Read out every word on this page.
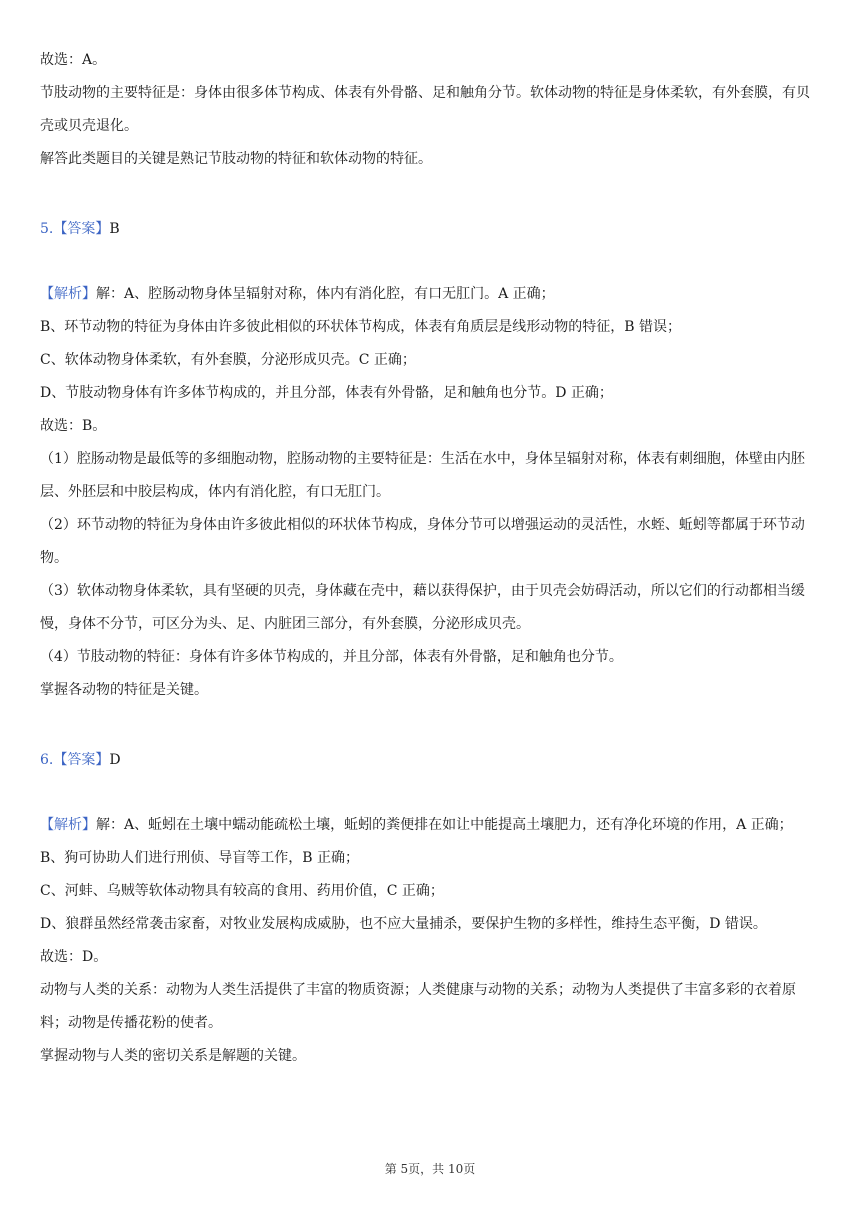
故选：A。

节肢动物的主要特征是：身体由很多体节构成、体表有外骨骼、足和触角分节。软体动物的特征是身体柔软，有外套膜，有贝壳或贝壳退化。

解答此类题目的关键是熟记节肢动物的特征和软体动物的特征。

5.【答案】B

【解析】解：A、腔肠动物身体呈辐射对称，体内有消化腔，有口无肛门。A 正确；

B、环节动物的特征为身体由许多彼此相似的环状体节构成，体表有角质层是线形动物的特征，B 错误；

C、软体动物身体柔软，有外套膜，分泌形成贝壳。C 正确；

D、节肢动物身体有许多体节构成的，并且分部，体表有外骨骼，足和触角也分节。D 正确；

故选：B。

（1）腔肠动物是最低等的多细胞动物，腔肠动物的主要特征是：生活在水中，身体呈辐射对称，体表有刺细胞，体壁由内胚层、外胚层和中胶层构成，体内有消化腔，有口无肛门。

（2）环节动物的特征为身体由许多彼此相似的环状体节构成，身体分节可以增强运动的灵活性，水蛭、蚯蚓等都属于环节动物。

（3）软体动物身体柔软，具有坚硬的贝壳，身体藏在壳中，藉以获得保护，由于贝壳会妨碍活动，所以它们的行动都相当缓慢，身体不分节，可区分为头、足、内脏团三部分，有外套膜，分泌形成贝壳。

（4）节肢动物的特征：身体有许多体节构成的，并且分部，体表有外骨骼，足和触角也分节。

掌握各动物的特征是关键。

6.【答案】D

【解析】解：A、蚯蚓在土壤中蠕动能疏松土壤，蚯蚓的粪便排在如让中能提高土壤肥力，还有净化环境的作用，A 正确；

B、狗可协助人们进行刑侦、导盲等工作，B 正确；

C、河蚌、乌贼等软体动物具有较高的食用、药用价值，C 正确；

D、狼群虽然经常袭击家畜，对牧业发展构成威胁，也不应大量捕杀，要保护生物的多样性，维持生态平衡，D 错误。

故选：D。

动物与人类的关系：动物为人类生活提供了丰富的物质资源；人类健康与动物的关系；动物为人类提供了丰富多彩的衣着原料；动物是传播花粉的使者。

掌握动物与人类的密切关系是解题的关键。

第 5页，共 10页
